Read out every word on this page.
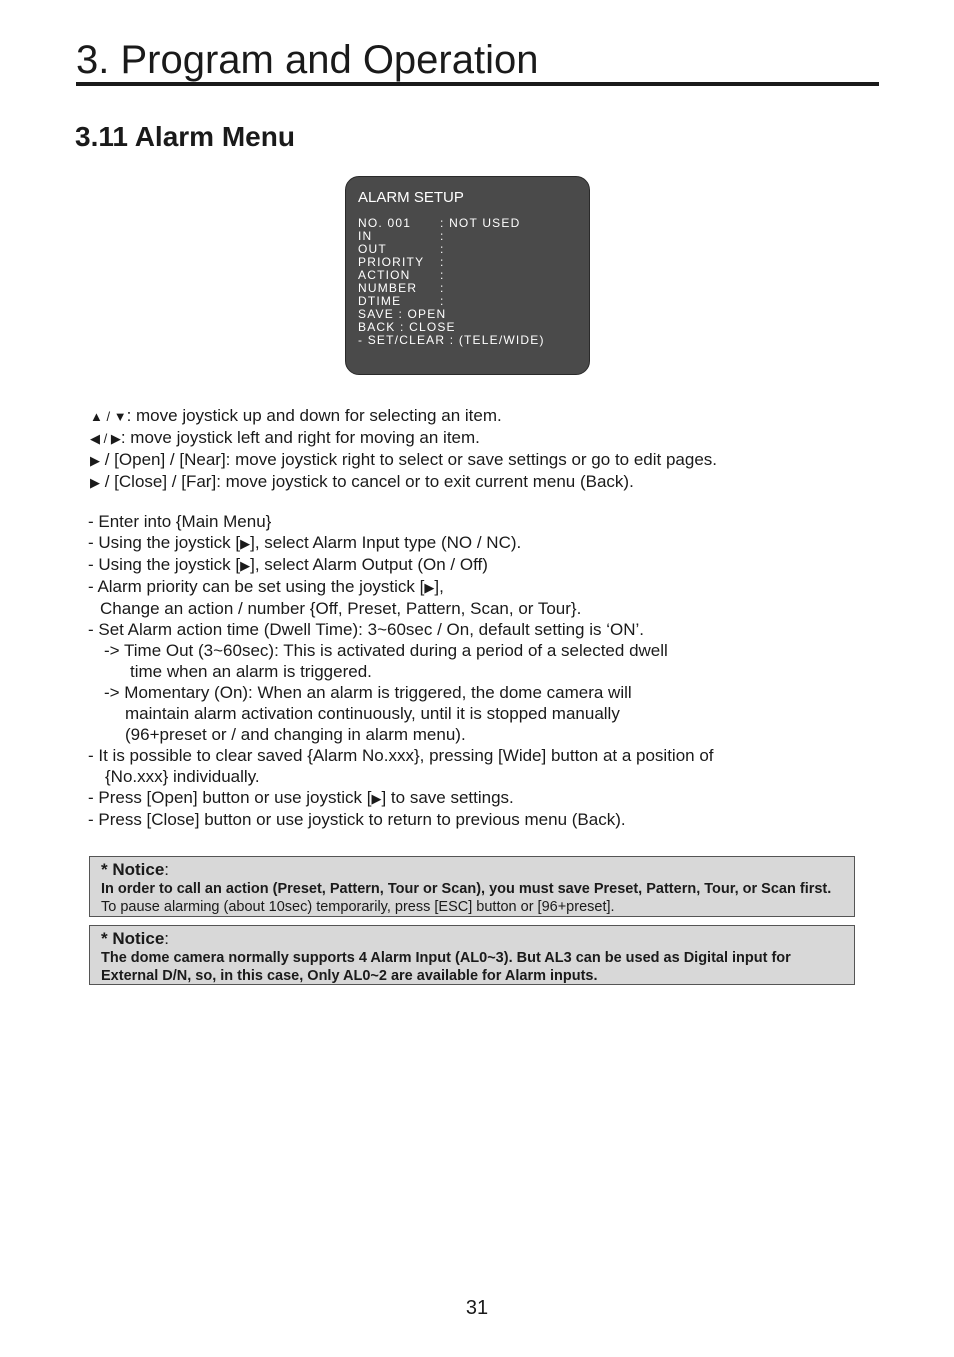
3. Program and Operation
3.11 Alarm Menu
ALARM SETUP
NO. 001 : NOT USED
IN	:
OUT	:
PRIORITY :
ACTION :
NUMBER :
DTIME	:
SAVE : OPEN
BACK : CLOSE
- SET/CLEAR : (TELE/WIDE)
▲ / ▼: move joystick up and down for selecting an item.
◀ / ▶: move joystick left and right for moving an item.
▶ / [Open] / [Near]: move joystick right to select or save settings or go to edit pages.
▶ / [Close] / [Far]: move joystick to cancel or to exit current menu (Back).
- Enter into {Main Menu}
- Using the joystick [▶], select Alarm Input type (NO / NC).
- Using the joystick [▶], select Alarm Output (On / Off)
- Alarm priority can be set using the joystick [▶],
Change an action / number {Off, Preset, Pattern, Scan, or Tour}.
- Set Alarm action time (Dwell Time): 3~60sec / On, default setting is ‘ON’.
-> Time Out (3~60sec): This is activated during a period of a selected dwell
time when an alarm is triggered.
-> Momentary (On): When an alarm is triggered, the dome camera will
maintain alarm activation continuously, until it is stopped manually
(96+preset or / and changing in alarm menu).
- It is possible to clear saved {Alarm No.xxx}, pressing [Wide] button at a position of
{No.xxx} individually.
- Press [Open] button or use joystick [▶] to save settings.
- Press [Close] button or use joystick to return to previous menu (Back).
* Notice:
In order to call an action (Preset, Pattern, Tour or Scan), you must save Preset, Pattern, Tour, or Scan first. To pause alarming (about 10sec) temporarily, press [ESC] button or [96+preset].
* Notice:
The dome camera normally supports 4 Alarm Input (AL0~3). But AL3 can be used as Digital input for External D/N, so, in this case, Only AL0~2 are available for Alarm inputs.
31
